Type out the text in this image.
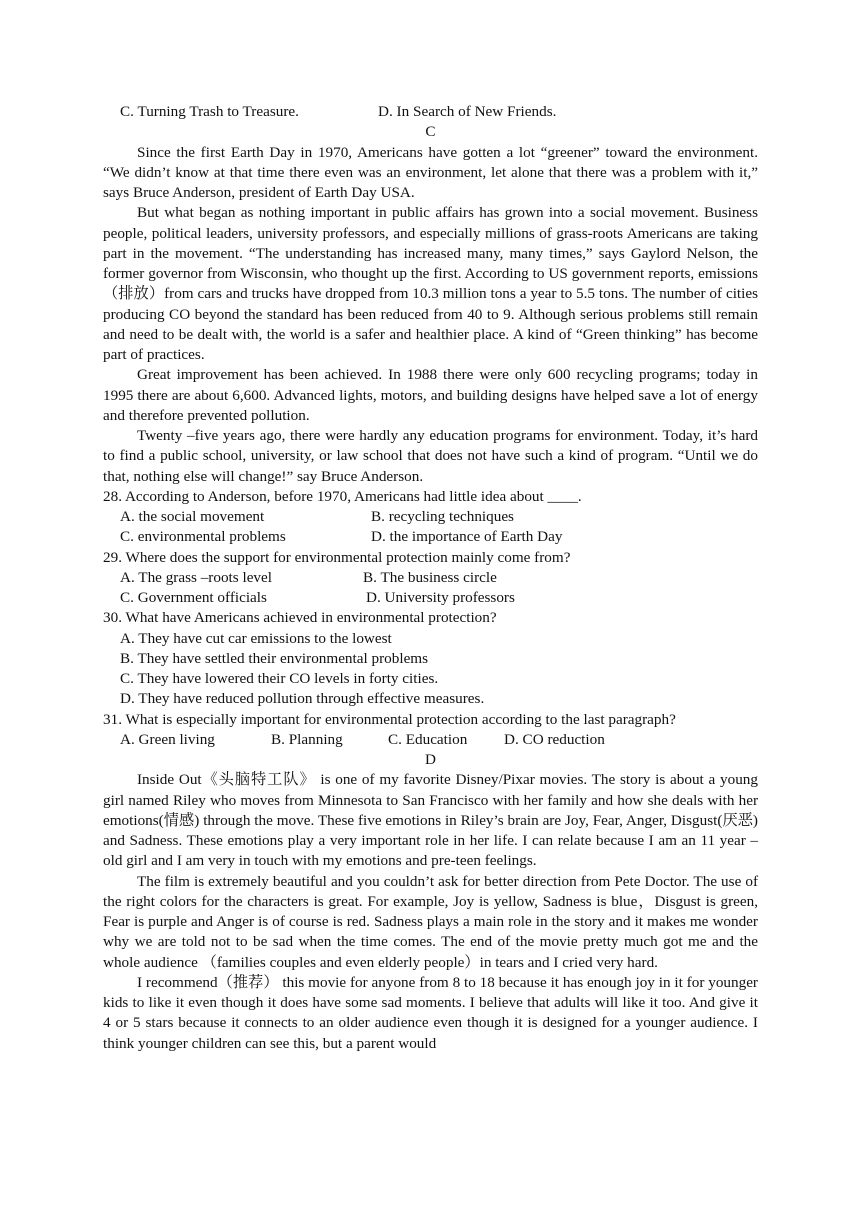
C. Turning Trash to Treasure.	D. In Search of New Friends.
C

Since the first Earth Day in 1970, Americans have gotten a lot “greener” toward the environment. “We didn’t know at that time there even was an environment, let alone that there was a problem with it,” says Bruce Anderson, president of Earth Day USA.

But what began as nothing important in public affairs has grown into a social movement. Business people, political leaders, university professors, and especially millions of grass-roots Americans are taking part in the movement. “The understanding has increased many, many times,” says Gaylord Nelson, the former governor from Wisconsin, who thought up the first. According to US government reports, emissions（排放）from cars and trucks have dropped from 10.3 million tons a year to 5.5 tons. The number of cities producing CO beyond the standard has been reduced from 40 to 9. Although serious problems still remain and need to be dealt with, the world is a safer and healthier place. A kind of “Green thinking” has become part of practices.

Great improvement has been achieved. In 1988 there were only 600 recycling programs; today in 1995 there are about 6,600. Advanced lights, motors, and building designs have helped save a lot of energy and therefore prevented pollution.

Twenty –five years ago, there were hardly any education programs for environment. Today, it’s hard to find a public school, university, or law school that does not have such a kind of program. “Until we do that, nothing else will change!” say Bruce Anderson.

28. According to Anderson, before 1970, Americans had little idea about ____.

A. the social movement	B. recycling techniques
C. environmental problems	D. the importance of Earth Day

29. Where does the support for environmental protection mainly come from?

A. The grass –roots level	B. The business circle
C. Government officials	D. University professors

30. What have Americans achieved in environmental protection?

A. They have cut car emissions to the lowest
B. They have settled their environmental problems
C. They have lowered their CO levels in forty cities.
D. They have reduced pollution through effective measures.

31. What is especially important for environmental protection according to the last paragraph?

A. Green living	B. Planning	C. Education D. CO reduction
D

Inside Out《头脑特工队》 is one of my favorite Disney/Pixar movies. The story is about a young girl named Riley who moves from Minnesota to San Francisco with her family and how she deals with her emotions(情感) through the move. These five emotions in Riley’s brain are Joy, Fear, Anger, Disgust(厌恶) and Sadness. These emotions play a very important role in her life. I can relate because I am an 11 year –old girl and I am very in touch with my emotions and pre-teen feelings.

The film is extremely beautiful and you couldn’t ask for better direction from Pete Doctor. The use of the right colors for the characters is great. For example, Joy is yellow, Sadness is blue，Disgust is green, Fear is purple and Anger is of course is red. Sadness plays a main role in the story and it makes me wonder why we are told not to be sad when the time comes. The end of the movie pretty much got me and the whole audience （families couples and even elderly people）in tears and I cried very hard.

I recommend（推荐） this movie for anyone from 8 to 18 because it has enough joy in it for younger kids to like it even though it does have some sad moments. I believe that adults will like it too. And give it 4 or 5 stars because it connects to an older audience even though it is designed for a younger audience. I think younger children can see this, but a parent would
